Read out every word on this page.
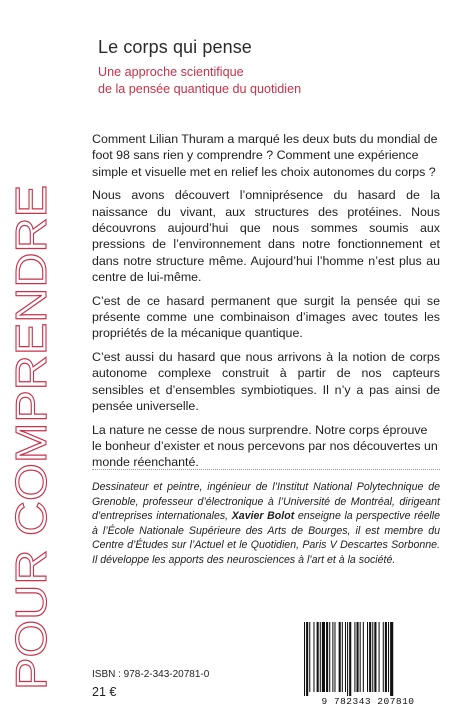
POUR COMPRENDRE
Le corps qui pense
Une approche scientifique
de la pensée quantique du quotidien

Comment Lilian Thuram a marqué les deux buts du mondial de foot 98 sans rien y comprendre ? Comment une expérience simple et visuelle met en relief les choix autonomes du corps ?

Nous avons découvert l’omniprésence du hasard de la naissance du vivant, aux structures des protéines. Nous découvrons aujourd’hui que nous sommes soumis aux pressions de l’environnement dans notre fonctionnement et dans notre structure même. Aujourd’hui l’homme n’est plus au centre de lui-même.

C’est de ce hasard permanent que surgit la pensée qui se présente comme une combinaison d’images avec toutes les propriétés de la mécanique quantique.

C’est aussi du hasard que nous arrivons à la notion de corps autonome complexe construit à partir de nos capteurs sensibles et d’ensembles symbiotiques. Il n’y a pas ainsi de pensée universelle.

La nature ne cesse de nous surprendre. Notre corps éprouve le bonheur d’exister et nous percevons par nos découvertes un monde réenchanté.

Dessinateur et peintre, ingénieur de l’Institut National Polytechnique de Grenoble, professeur d’électronique à l’Université de Montréal, dirigeant d’entreprises internationales, Xavier Bolot enseigne la perspective réelle à l’École Nationale Supérieure des Arts de Bourges, il est membre du Centre d’Études sur l’Actuel et le Quotidien, Paris V Descartes Sorbonne. Il développe les apports des neurosciences à l’art et à la société.
ISBN : 978-2-343-20781-0
21 €
9 782343 207810
